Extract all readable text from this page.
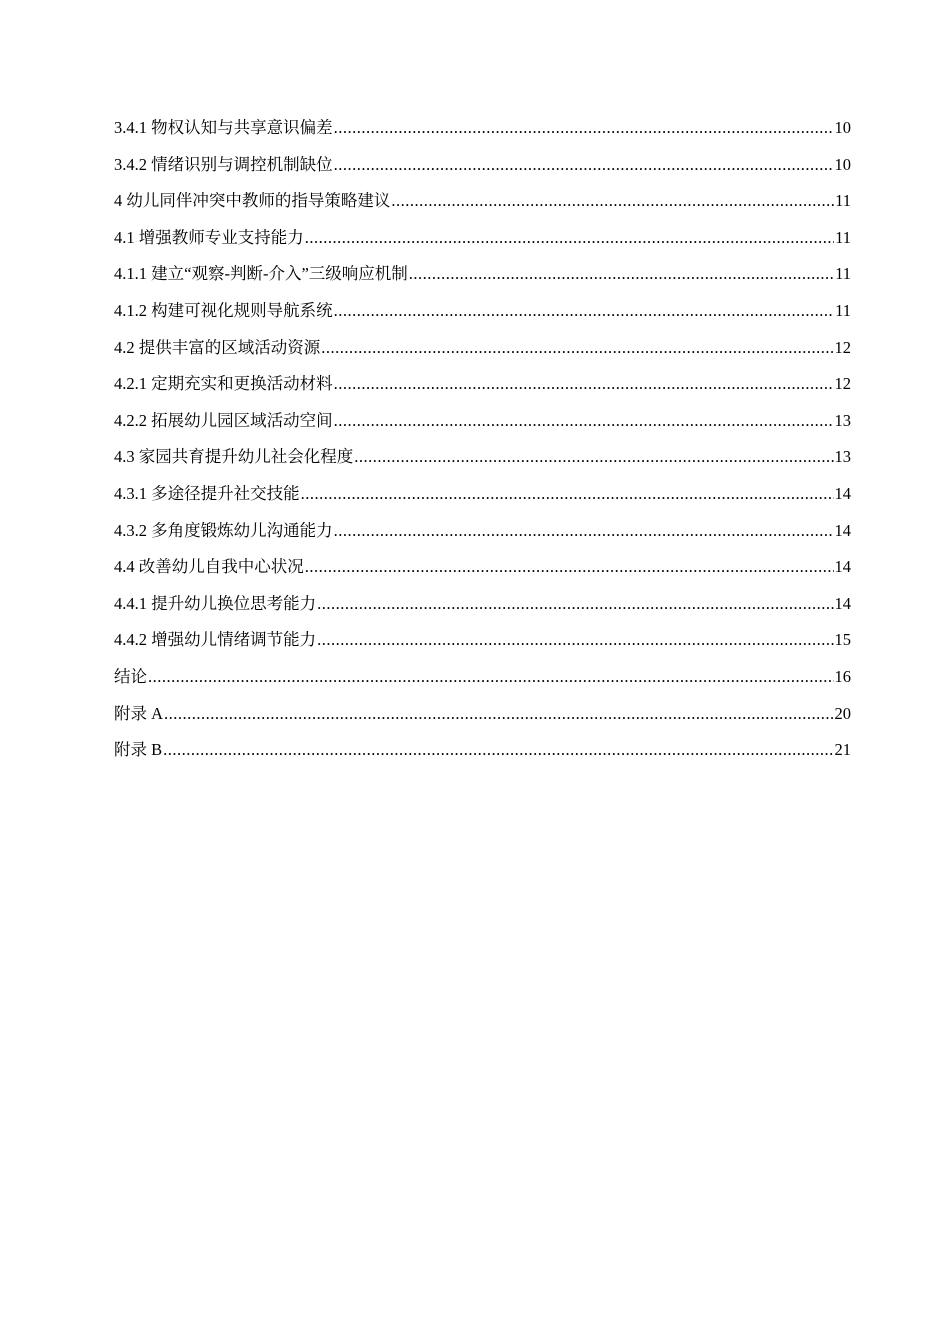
3.4.1 物权认知与共享意识偏差 .....	10
3.4.2 情绪识别与调控机制缺位 .....	10
4 幼儿同伴冲突中教师的指导策略建议 .....	11
4.1 增强教师专业支持能力 .....	11
4.1.1 建立“观察-判断-介入”三级响应机制 .....	11
4.1.2 构建可视化规则导航系统 .....	11
4.2 提供丰富的区域活动资源 .....	12
4.2.1 定期充实和更换活动材料 .....	12
4.2.2 拓展幼儿园区域活动空间 .....	13
4.3 家园共育提升幼儿社会化程度 .....	13
4.3.1 多途径提升社交技能 .....	14
4.3.2 多角度锻炼幼儿沟通能力 .....	14
4.4 改善幼儿自我中心状况 .....	14
4.4.1 提升幼儿换位思考能力 .....	14
4.4.2 增强幼儿情绪调节能力 .....	15
结论 .....	16
附录 A .....	20
附录 B .....	21
